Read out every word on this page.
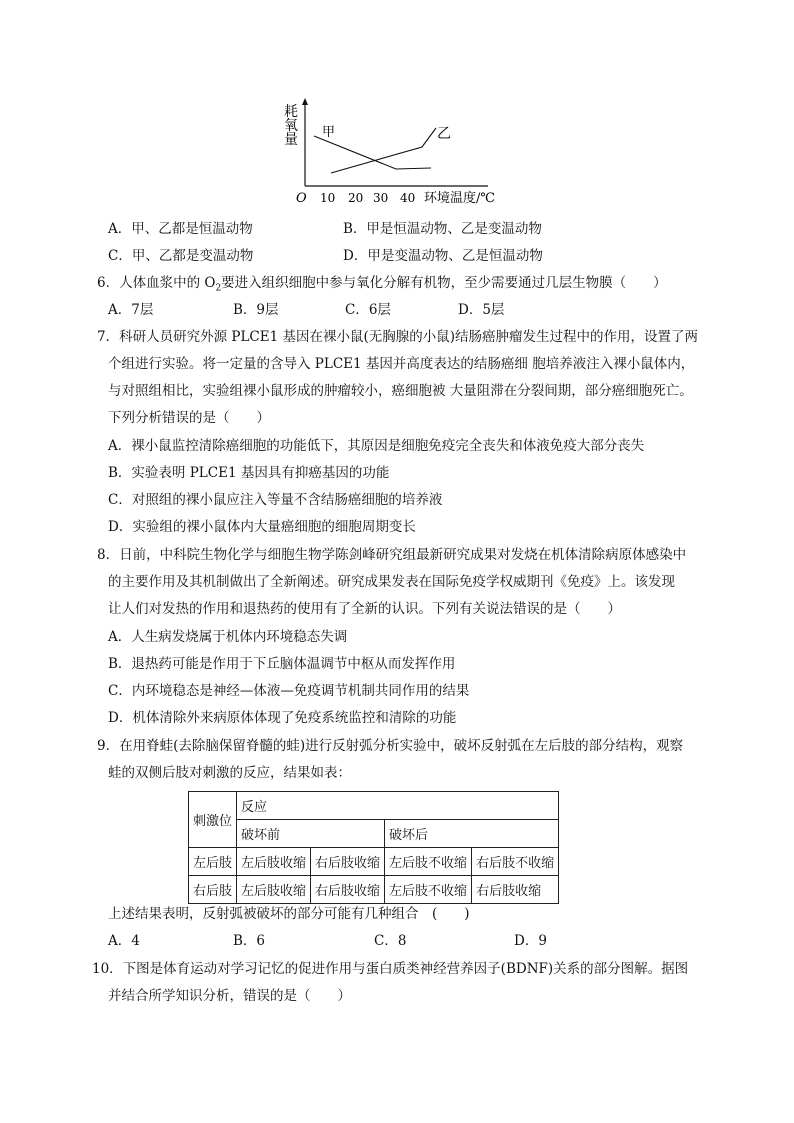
耗
氧
量
O 10 20 30 40 环境温度/℃
甲	乙
A．甲、乙都是恒温动物	B．甲是恒温动物、乙是变温动物
C．甲、乙都是变温动物	D．甲是变温动物、乙是恒温动物
6．人体血浆中的 $O_2$要进入组织细胞中参与氧化分解有机物，至少需要通过几层生物膜（　　）
A．7层	B．9层	C．6层	D．5层
7．科研人员研究外源 PLCE1 基因在裸小鼠(无胸腺的小鼠)结肠癌肿瘤发生过程中的作用，设置了两
个组进行实验。将一定量的含导入 PLCE1 基因并高度表达的结肠癌细 胞培养液注入裸小鼠体内，
与对照组相比，实验组裸小鼠形成的肿瘤较小，癌细胞被 大量阻滞在分裂间期，部分癌细胞死亡。
下列分析错误的是（　　）
A．裸小鼠监控清除癌细胞的功能低下，其原因是细胞免疫完全丧失和体液免疫大部分丧失
B．实验表明 PLCE1 基因具有抑癌基因的功能
C．对照组的裸小鼠应注入等量不含结肠癌细胞的培养液
D．实验组的裸小鼠体内大量癌细胞的细胞周期变长
8．日前，中科院生物化学与细胞生物学陈剑峰研究组最新研究成果对发烧在机体清除病原体感染中
的主要作用及其机制做出了全新阐述。研究成果发表在国际免疫学权威期刊《免疫》上。该发现
让人们对发热的作用和退热药的使用有了全新的认识。下列有关说法错误的是（　　）
A．人生病发烧属于机体内环境稳态失调
B．退热药可能是作用于下丘脑体温调节中枢从而发挥作用
C．内环境稳态是神经—体液—免疫调节机制共同作用的结果
D．机体清除外来病原体体现了免疫系统监控和清除的功能
9．在用脊蛙(去除脑保留脊髓的蛙)进行反射弧分析实验中，破坏反射弧在左后肢的部分结构，观察
蛙的双侧后肢对刺激的反应，结果如表：
刺激位	反应			
	破坏前		破坏后	
左后肢	左后肢收缩	右后肢收缩	左后肢不收缩	右后肢不收缩
右后肢	左后肢收缩	右后肢收缩	左后肢不收缩	右后肢收缩
上述结果表明，反射弧被破坏的部分可能有几种组合　(　　)
A．4	B．6	C．8	D．9
10．下图是体育运动对学习记忆的促进作用与蛋白质类神经营养因子(BDNF)关系的部分图解。据图
并结合所学知识分析，错误的是（　　）
